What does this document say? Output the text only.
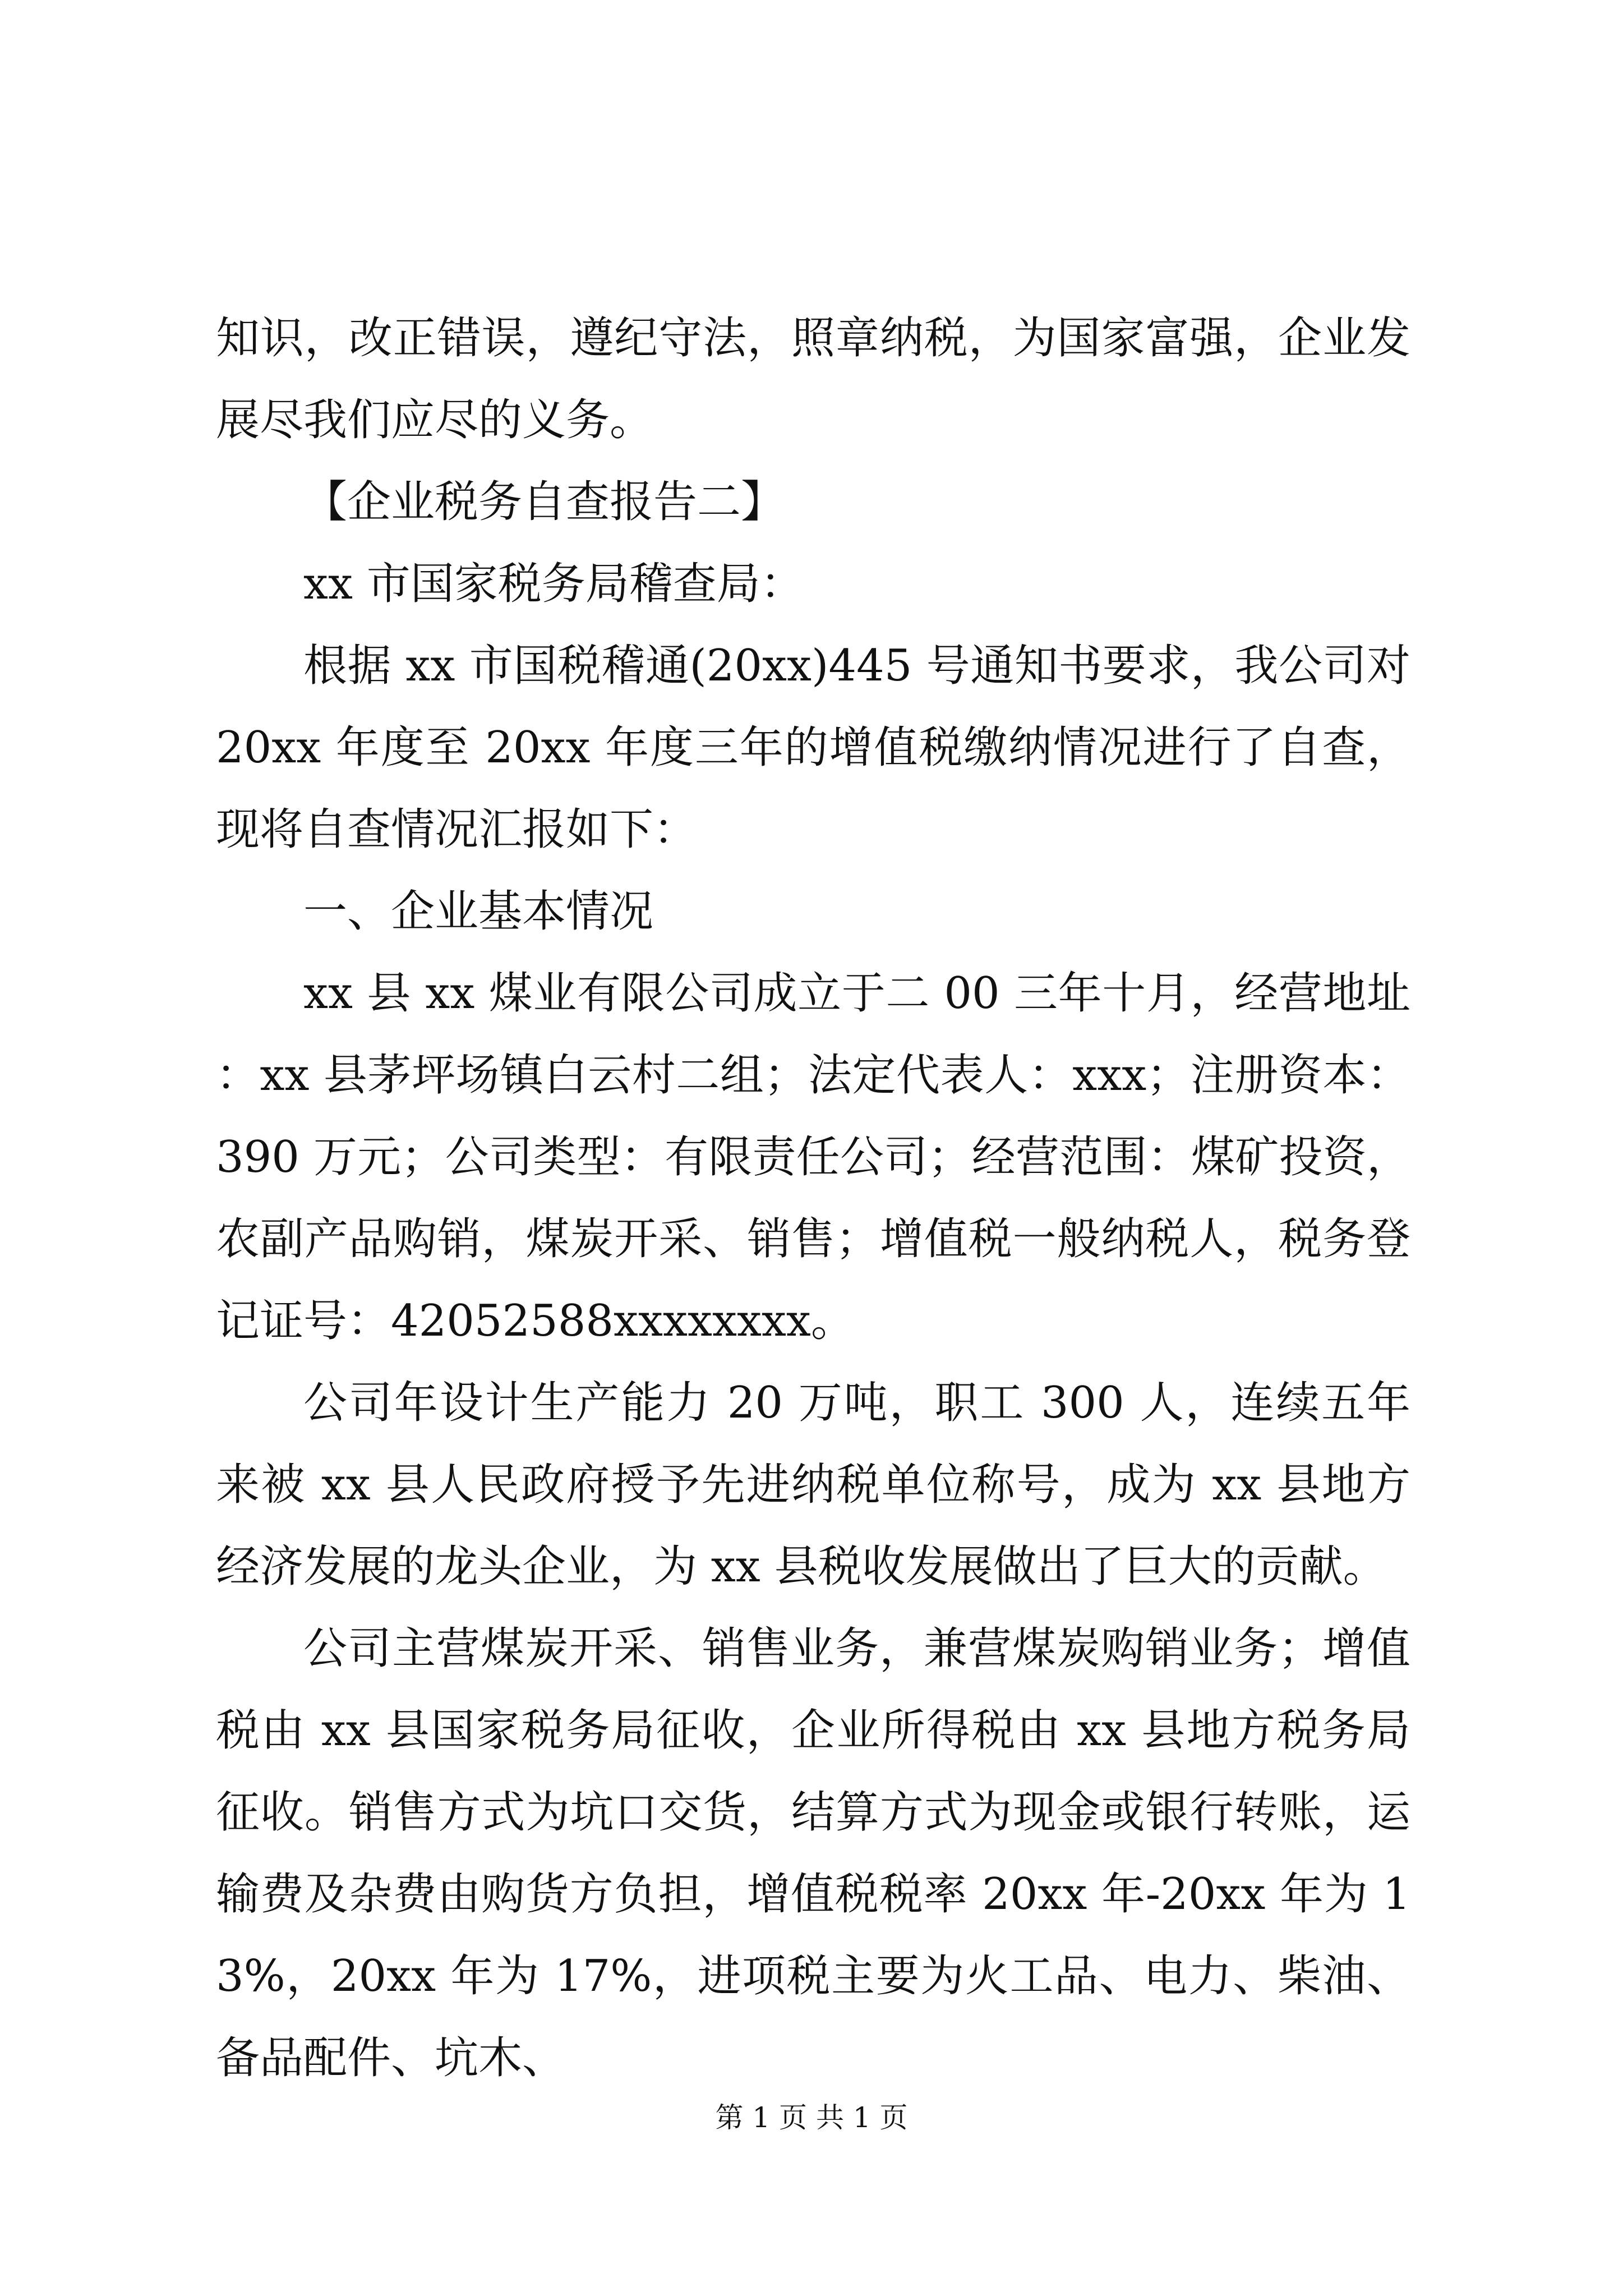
知识，改正错误，遵纪守法，照章纳税，为国家富强，企业发展尽我们应尽的义务。

【企业税务自查报告二】

xx 市国家税务局稽查局：

根据 xx 市国税稽通(20xx)445 号通知书要求，我公司对 20xx 年度至 20xx 年度三年的增值税缴纳情况进行了自查，现将自查情况汇报如下：

一、企业基本情况

xx 县 xx 煤业有限公司成立于二 00 三年十月，经营地址：xx 县茅坪场镇白云村二组；法定代表人：xxx；注册资本：390 万元；公司类型：有限责任公司；经营范围：煤矿投资，农副产品购销，煤炭开采、销售；增值税一般纳税人，税务登记证号：42052588xxxxxxxx。

公司年设计生产能力 20 万吨，职工 300 人，连续五年来被 xx 县人民政府授予先进纳税单位称号，成为 xx 县地方经济发展的龙头企业，为 xx 县税收发展做出了巨大的贡献。

公司主营煤炭开采、销售业务，兼营煤炭购销业务；增值税由 xx 县国家税务局征收，企业所得税由 xx 县地方税务局征收。销售方式为坑口交货，结算方式为现金或银行转账，运输费及杂费由购货方负担，增值税税率 20xx 年-20xx 年为 13%，20xx 年为 17%，进项税主要为火工品、电力、柴油、备品配件、坑木、

第 1 页 共 1 页
